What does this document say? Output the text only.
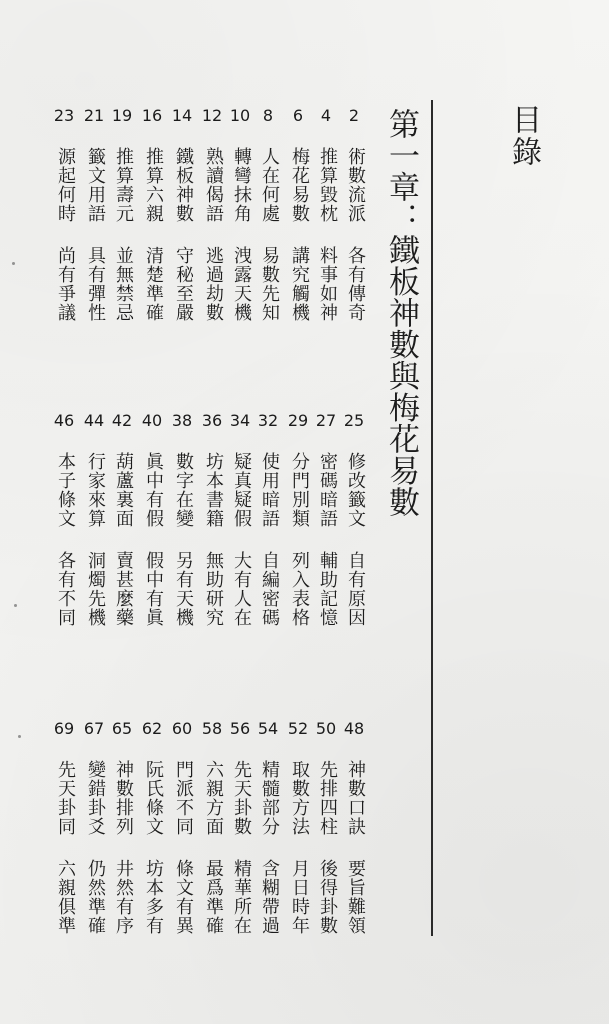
目錄
第一章：鐵板神數與梅花易數
2
術數流派
各有傳奇
4
推算毀枕
料事如神
6
梅花易數
講究觸機
8
人在何處
易數先知
10
轉彎抹角
洩露天機
12
熟讀偈語
逃過劫數
14
鐵板神數
守秘至嚴
16
推算六親
清楚準確
19
推算壽元
並無禁忌
21
籤文用語
具有彈性
23
源起何時
尚有爭議
25
修改籤文
自有原因
27
密碼暗語
輔助記憶
29
分門別類
列入表格
32
使用暗語
自編密碼
34
疑真疑假
大有人在
36
坊本書籍
無助研究
38
數字在變
另有天機
40
眞中有假
假中有眞
42
葫蘆裏面
賣甚麼藥
44
行家來算
洞燭先機
46
本子條文
各有不同
48
神數口訣
要旨難領
50
先排四柱
後得卦數
52
取數方法
月日時年
54
精髓部分
含糊帶過
56
先天卦數
精華所在
58
六親方面
最爲準確
60
門派不同
條文有異
62
阮氏條文
坊本多有
65
神數排列
井然有序
67
變錯卦爻
仍然準確
69
先天卦同
六親俱準
